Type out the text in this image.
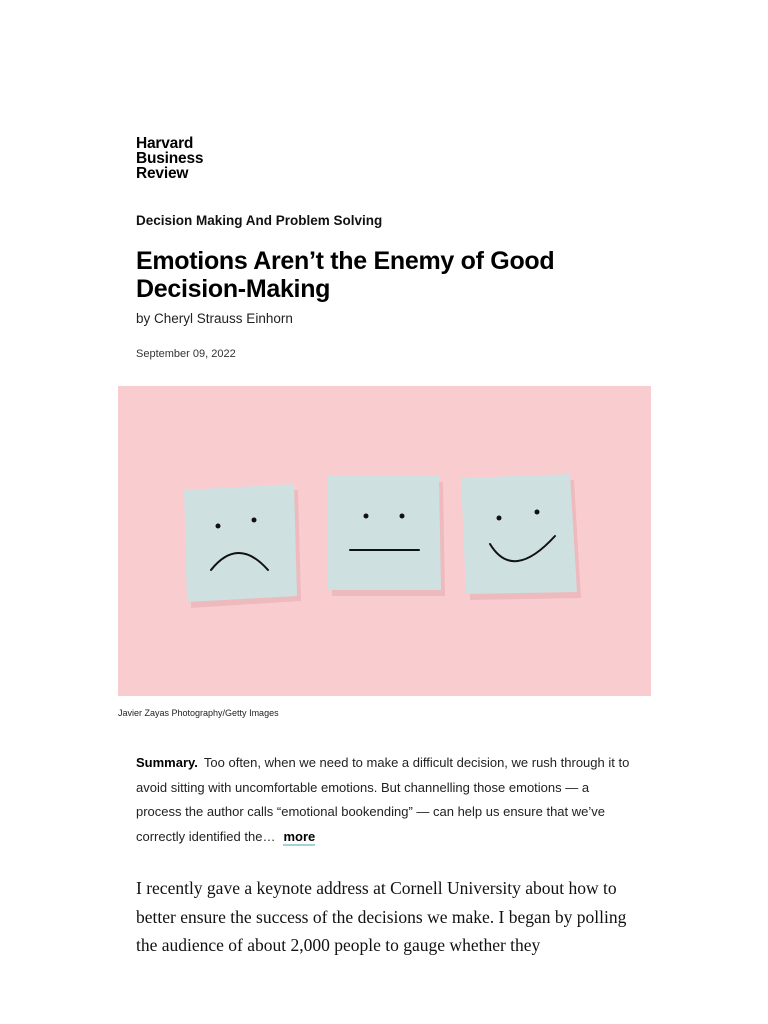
Harvard
Business
Review
Decision Making And Problem Solving
Emotions Aren’t the Enemy of Good Decision-Making
by Cheryl Strauss Einhorn
September 09, 2022
Javier Zayas Photography/Getty Images
Summary. Too often, when we need to make a difficult decision, we rush through it to avoid sitting with uncomfortable emotions. But channelling those emotions — a process the author calls “emotional bookending” — can help us ensure that we’ve correctly identified the… more

I recently gave a keynote address at Cornell University about how to better ensure the success of the decisions we make. I began by polling the audience of about 2,000 people to gauge whether they
